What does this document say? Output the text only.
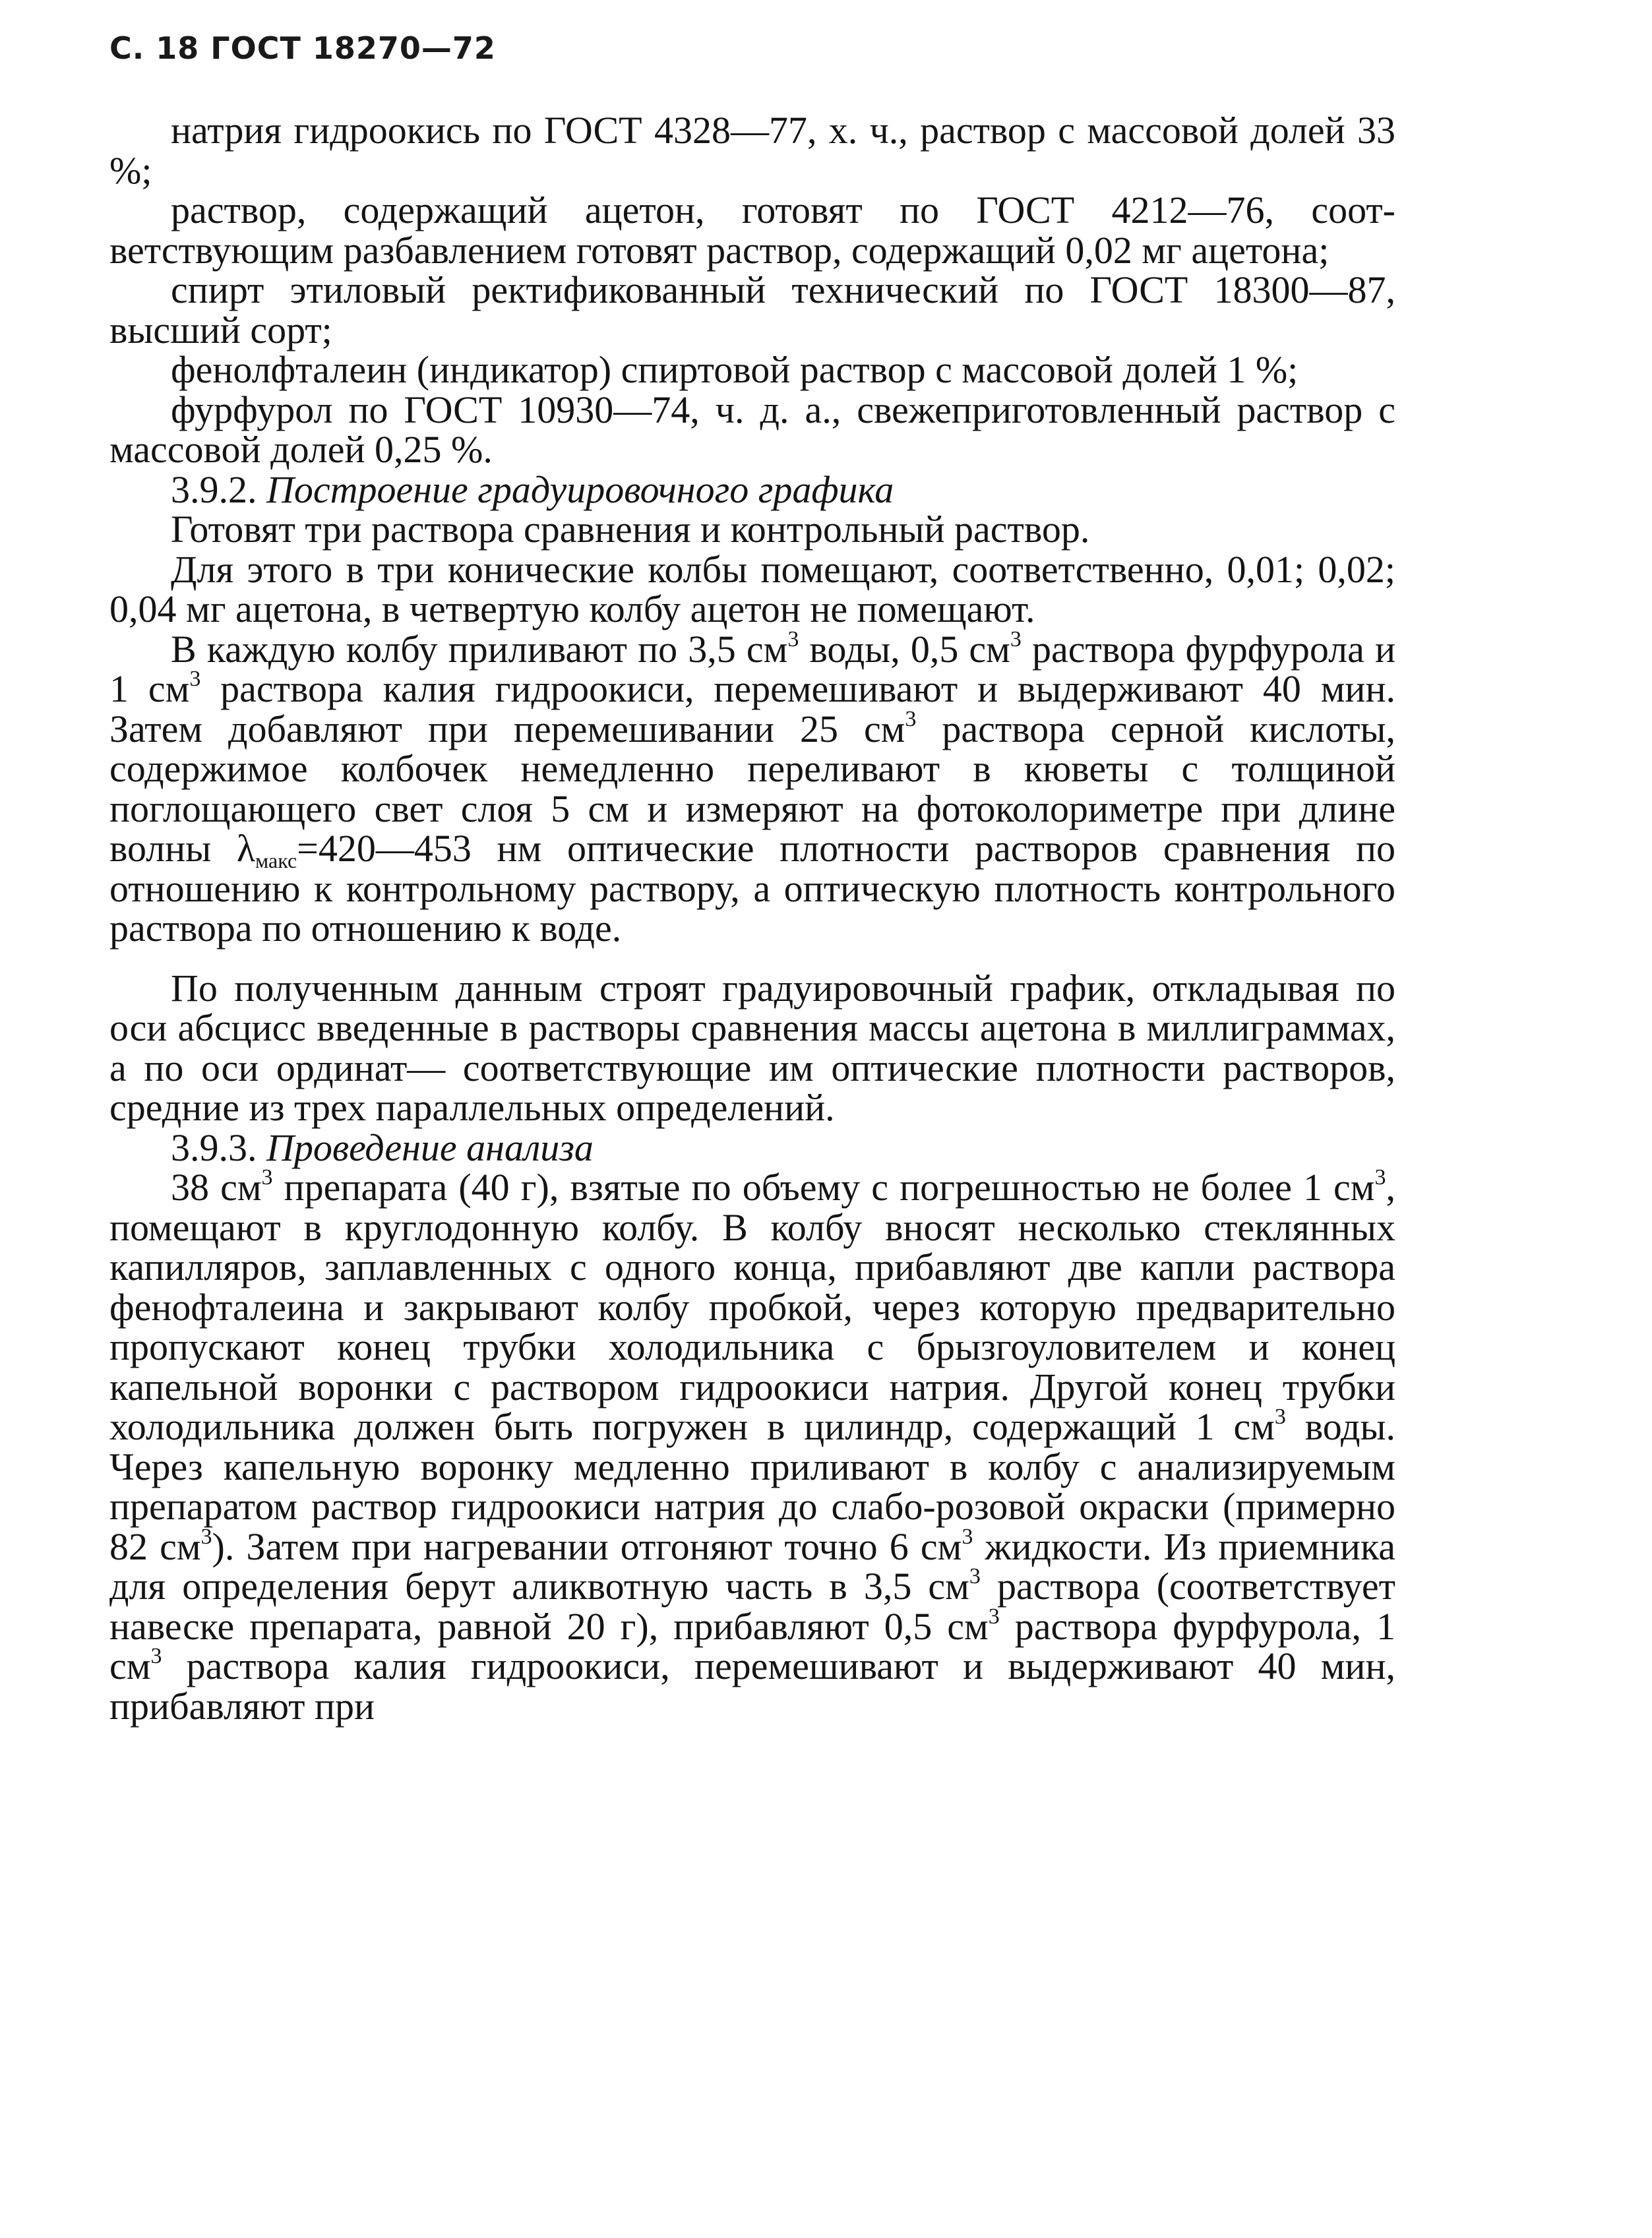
С. 18 ГОСТ 18270—72

натрия гидроокись по ГОСТ 4328—77, х. ч., раствор с массовой долей 33 %;

раствор, содержащий ацетон, готовят по ГОСТ 4212—76, соответствующим разбавлением готовят раствор, содержащий 0,02 мг ацетона;

спирт этиловый ректификованный технический по ГОСТ 18300—87, высший сорт;

фенолфталеин (индикатор) спиртовой раствор с массовой долей 1 %;

фурфурол по ГОСТ 10930—74, ч. д. а., свежеприготовленный раствор с массовой долей 0,25 %.

3.9.2. Построение градуировочного графика

Готовят три раствора сравнения и контрольный раствор.

Для этого в три конические колбы помещают, соответственно, 0,01; 0,02; 0,04 мг ацетона, в четвертую колбу ацетон не помещают.

В каждую колбу приливают по 3,5 $см^3$ воды, 0,5 $см^3$ раствора фурфурола и 1 $см^3$ раствора калия гидроокиси, перемешивают и выдерживают 40 мин. Затем добавляют при перемешивании 25 $см^3$ раствора серной кислоты, содержимое колбочек немедленно переливают в кюветы с толщиной поглощающего свет слоя 5 см и измеряют на фотоколориметре при длине волны $\lambda_{макс}=420—453$ нм оптические плотности растворов сравнения по отношению к контрольному раствору, а оптическую плотность контрольного раствора по отношению к воде.

По полученным данным строят градуировочный график, откладывая по оси абсцисс введенные в растворы сравнения массы ацетона в миллиграммах, а по оси ординат— соответствующие им оптические плотности растворов, средние из трех параллельных определений.

3.9.3. Проведение анализа

38 $см^3$ препарата (40 г), взятые по объему с погрешностью не более 1 $см^3$, помещают в круглодонную колбу. В колбу вносят несколько стеклянных капилляров, заплавленных с одного конца, прибавляют две капли раствора фенофталеина и закрывают колбу пробкой, через которую предварительно пропускают конец трубки холодильника с брызгоуловителем и конец капельной воронки с раствором гидроокиси натрия. Другой конец трубки холодильника должен быть погружен в цилиндр, содержащий 1 $см^3$ воды. Через капельную воронку медленно приливают в колбу с анализируемым препаратом раствор гидроокиси натрия до слабо-розовой окраски (примерно 82 $см^3$). Затем при нагревании отгоняют точно 6 $см^3$ жидкости. Из приемника для определения берут аликвотную часть в 3,5 $см^3$ раствора (соответствует навеске препарата, равной 20 г), прибавляют 0,5 $см^3$ раствора фурфурола, 1 $см^3$ раствора калия гидроокиси, перемешивают и выдерживают 40 мин, прибавляют при
